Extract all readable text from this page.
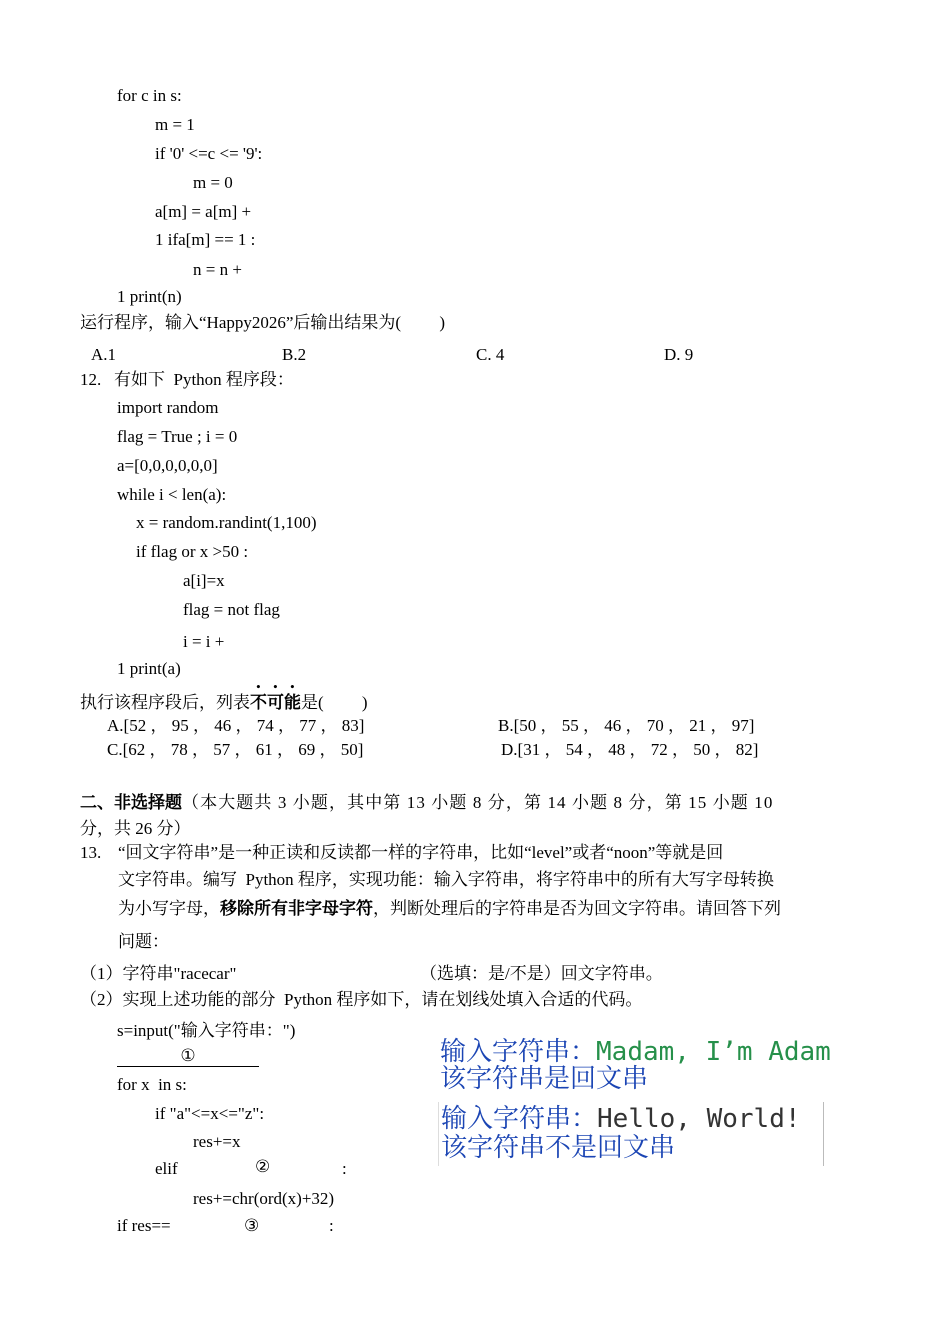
for c in s:
m = 1
if '0' <=c <= '9':
m = 0
a[m] = a[m] +
1 ifa[m] == 1 :
n = n +
1 print(n)
运行程序，输入“Happy2026”后输出结果为(         )
A.1	B.2	C. 4	D. 9
12.   有如下  Python 程序段：
import random
flag = True ; i = 0
a=[0,0,0,0,0,0]
while i < len(a):
x = random.randint(1,100)
if flag or x >50 :
a[i]=x
flag = not flag
i = i +
1 print(a)
执行该程序段后，列表不可能是(         )
A.[52 ， 95 ， 46 ， 74 ， 77 ， 83]	B.[50 ， 55 ， 46 ， 70 ， 21 ， 97]
C.[62 ， 78 ， 57 ， 61 ， 69 ， 50]	D.[31 ， 54 ， 48 ， 72 ， 50 ， 82]
二、非选择题（本大题共 3 小题，其中第 13 小题 8 分，第 14 小题 8 分，第 15 小题 10
分，共 26 分）
13. “回文字符串”是一种正读和反读都一样的字符串，比如“level”或者“noon”等就是回
文字符串。编写  Python 程序，实现功能：输入字符串，将字符串中的所有大写字母转换
为小写字母，移除所有非字母字符，判断处理后的字符串是否为回文字符串。请回答下列
问题：
（1）字符串"racecar"	（选填：是/不是）回文字符串。
（2）实现上述功能的部分  Python 程序如下，请在划线处填入合适的代码。
s=input("输入字符串：")
①
for x  in s:
if "a"<=x<="z":
res+=x
elif	②	:
res+=chr(ord(x)+32)
if res==	③	:
输入字符串：Madam, I’m Adam
该字符串是回文串
输入字符串：Hello, World!
该字符串不是回文串
